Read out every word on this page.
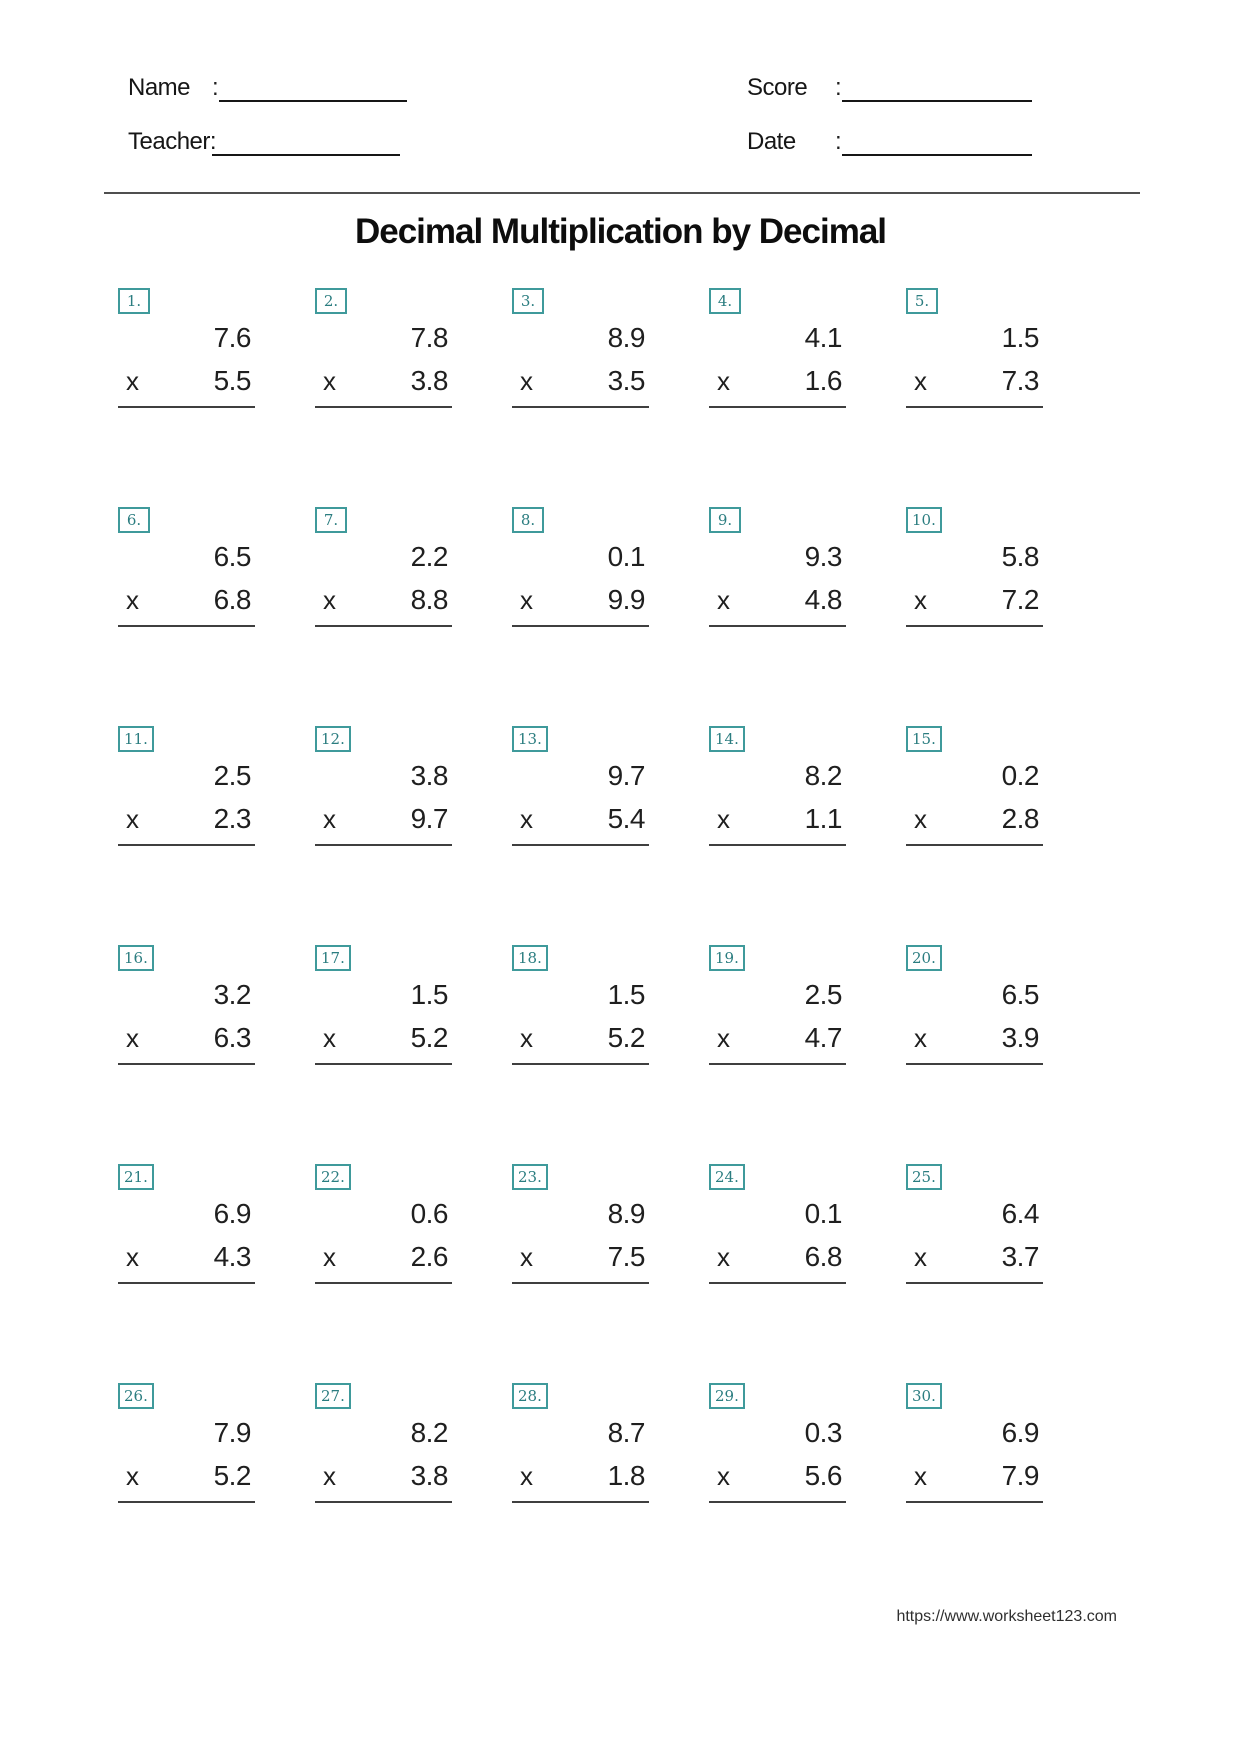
Name :
Teacher:
Score	:
Date	:
Decimal Multiplication by Decimal
1.
7.6
x	5.5
2.
7.8
x	3.8
3.
8.9
x	3.5
4.
4.1
x	1.6
5.
1.5
x	7.3
6.
6.5
x	6.8
7.
2.2
x	8.8
8.
0.1
x	9.9
9.
9.3
x	4.8
10.
5.8
x	7.2
11.
2.5
x	2.3
12.
3.8
x	9.7
13.
9.7
x	5.4
14.
8.2
x	1.1
15.
0.2
x	2.8
16.
3.2
x	6.3
17.
1.5
x	5.2
18.
1.5
x	5.2
19.
2.5
x	4.7
20.
6.5
x	3.9
21.
6.9
x	4.3
22.
0.6
x	2.6
23.
8.9
x	7.5
24.
0.1
x	6.8
25.
6.4
x	3.7
26.
7.9
x	5.2
27.
8.2
x	3.8
28.
8.7
x	1.8
29.
0.3
x	5.6
30.
6.9
x	7.9
https://www.worksheet123.com
